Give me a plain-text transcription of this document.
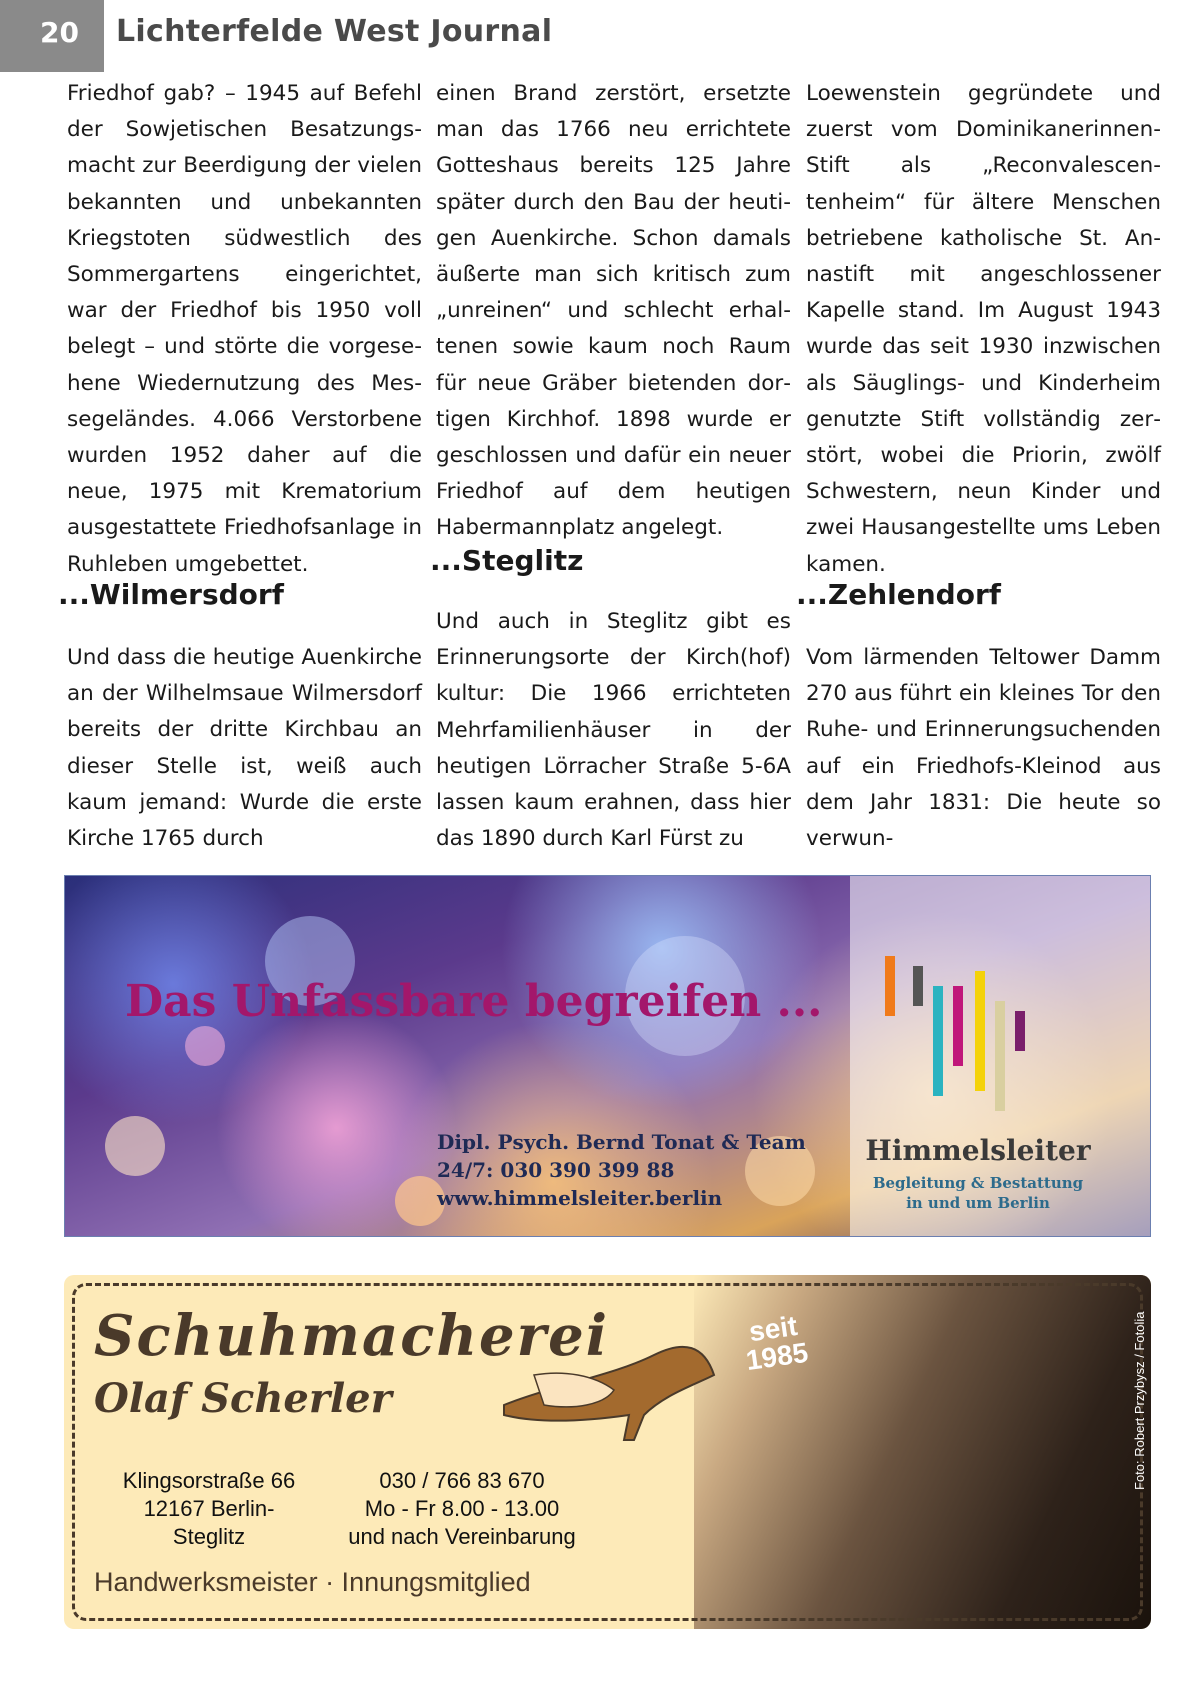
20	Lichterfelde West Journal

Friedhof gab? – 1945 auf Befehl der Sowjetischen Besatzungsmacht zur Beerdigung der vielen bekannten und unbekannten Kriegstoten südwestlich des Sommergartens eingerichtet, war der Friedhof bis 1950 voll belegt – und störte die vorgesehene Wiedernutzung des Messegeländes. 4.066 Verstorbene wurden 1952 daher auf die neue, 1975 mit Krematorium ausgestattete Friedhofsanlage in Ruhleben umgebettet.

...Wilmersdorf

Und dass die heutige Auenkirche an der Wilhelmsaue Wilmersdorf bereits der dritte Kirchbau an dieser Stelle ist, weiß auch kaum jemand: Wurde die erste Kirche 1765 durch

einen Brand zerstört, ersetzte man das 1766 neu errichtete Gotteshaus bereits 125 Jahre später durch den Bau der heutigen Auenkirche. Schon damals äußerte man sich kritisch zum „unreinen“ und schlecht erhaltenen sowie kaum noch Raum für neue Gräber bietenden dortigen Kirchhof. 1898 wurde er geschlossen und dafür ein neuer Friedhof auf dem heutigen Habermannplatz angelegt.

...Steglitz

Und auch in Steglitz gibt es Erinnerungsorte der Kirch(hof) kultur: Die 1966 errichteten Mehrfamilienhäuser in der heutigen Lörracher Straße 5-6A lassen kaum erahnen, dass hier das 1890 durch Karl Fürst zu

Loewenstein gegründete und zuerst vom Dominikanerinnen-Stift als „Reconvalescentenheim“ für ältere Menschen betriebene katholische St. Annastift mit angeschlossener Kapelle stand. Im August 1943 wurde das seit 1930 inzwischen als Säuglings- und Kinderheim genutzte Stift vollständig zerstört, wobei die Priorin, zwölf Schwestern, neun Kinder und zwei Hausangestellte ums Leben kamen.

...Zehlendorf

Vom lärmenden Teltower Damm 270 aus führt ein kleines Tor den Ruhe- und Erinnerungsuchenden auf ein Friedhofs-Kleinod aus dem Jahr 1831: Die heute so verwun-

Das Unfassbare begreifen ...
Dipl. Psych. Bernd Tonat & Team
24/7: 030 390 399 88
www.himmelsleiter.berlin
Himmelsleiter
Begleitung & Bestattung
in und um Berlin
Schuhmacherei
Olaf Scherler
seit
1985
Klingsorstraße 66
12167 Berlin-
Steglitz
030 / 766 83 670
Mo - Fr 8.00 - 13.00
und nach Vereinbarung
Handwerksmeister · Innungsmitglied
Foto: Robert Przybysz / Fotolia
